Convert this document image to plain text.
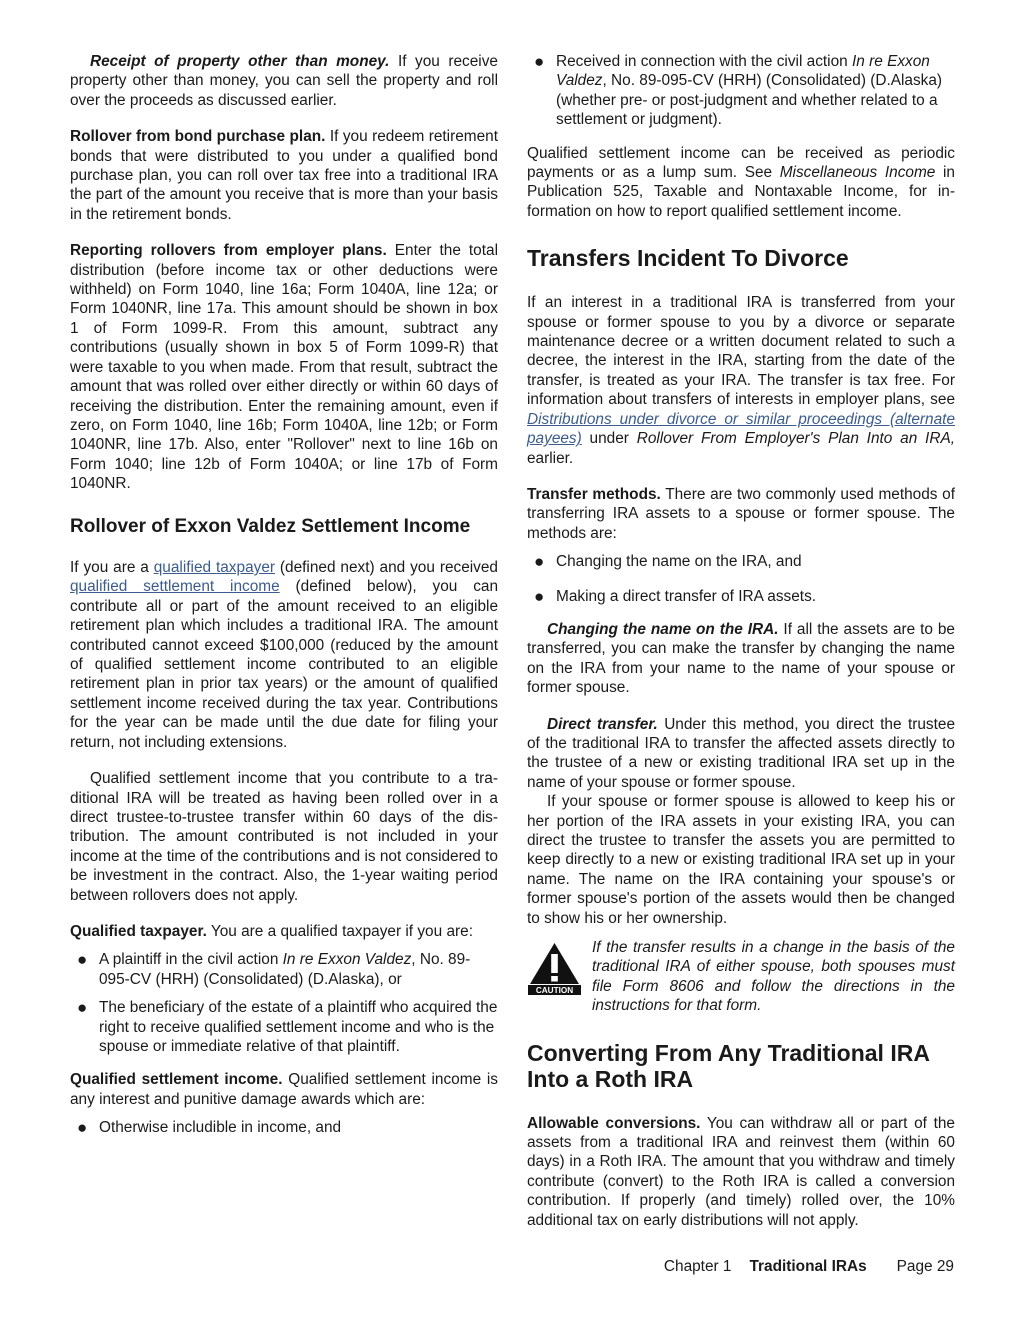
Receipt of property other than money. If you receive property other than money, you can sell the property and roll over the proceeds as discussed earlier.

Rollover from bond purchase plan. If you redeem retirement bonds that were distributed to you under a qualified bond purchase plan, you can roll over tax free into a traditional IRA the part of the amount you receive that is more than your basis in the retirement bonds.

Reporting rollovers from employer plans. Enter the total distribution (before income tax or other deductions were withheld) on Form 1040, line 16a; Form 1040A, line 12a; or Form 1040NR, line 17a. This amount should be shown in box 1 of Form 1099-R. From this amount, subtract any contributions (usually shown in box 5 of Form 1099-R) that were taxable to you when made. From that result, subtract the amount that was rolled over either directly or within 60 days of receiving the distribution. Enter the remaining amount, even if zero, on Form 1040, line 16b; Form 1040A, line 12b; or Form 1040NR, line 17b. Also, enter "Rollover" next to line 16b on Form 1040; line 12b of Form 1040A; or line 17b of Form 1040NR.

Rollover of Exxon Valdez Settlement Income

If you are a qualified taxpayer (defined next) and you received qualified settlement income (defined below), you can contribute all or part of the amount received to an eligible retirement plan which includes a traditional IRA. The amount contributed cannot exceed $100,000 (reduced by the amount of qualified settlement income contributed to an eligible retirement plan in prior tax years) or the amount of qualified settlement income received during the tax year. Contributions for the year can be made until the due date for filing your return, not including extensions.

Qualified settlement income that you contribute to a traditional IRA will be treated as having been rolled over in a direct trustee-to-trustee transfer within 60 days of the distribution. The amount contributed is not included in your income at the time of the contributions and is not considered to be investment in the contract. Also, the 1-year waiting period between rollovers does not apply.

Qualified taxpayer. You are a qualified taxpayer if you are:

● A plaintiff in the civil action In re Exxon Valdez, No. 89-095-CV (HRH) (Consolidated) (D.Alaska), or
● The beneficiary of the estate of a plaintiff who acquired the right to receive qualified settlement income and who is the spouse or immediate relative of that plaintiff.

Qualified settlement income. Qualified settlement income is any interest and punitive damage awards which are:

● Otherwise includible in income, and
● Received in connection with the civil action In re Exxon Valdez, No. 89-095-CV (HRH) (Consolidated) (D.Alaska) (whether pre- or post-judgment and whether related to a settlement or judgment).

Qualified settlement income can be received as periodic payments or as a lump sum. See Miscellaneous Income in Publication 525, Taxable and Nontaxable Income, for information on how to report qualified settlement income.

Transfers Incident To Divorce

If an interest in a traditional IRA is transferred from your spouse or former spouse to you by a divorce or separate maintenance decree or a written document related to such a decree, the interest in the IRA, starting from the date of the transfer, is treated as your IRA. The transfer is tax free. For information about transfers of interests in employer plans, see Distributions under divorce or similar proceedings (alternate payees) under Rollover From Employer's Plan Into an IRA, earlier.

Transfer methods. There are two commonly used methods of transferring IRA assets to a spouse or former spouse. The methods are:

● Changing the name on the IRA, and
● Making a direct transfer of IRA assets.

Changing the name on the IRA. If all the assets are to be transferred, you can make the transfer by changing the name on the IRA from your name to the name of your spouse or former spouse.

Direct transfer. Under this method, you direct the trustee of the traditional IRA to transfer the affected assets directly to the trustee of a new or existing traditional IRA set up in the name of your spouse or former spouse.

If your spouse or former spouse is allowed to keep his or her portion of the IRA assets in your existing IRA, you can direct the trustee to transfer the assets you are permitted to keep directly to a new or existing traditional IRA set up in your name. The name on the IRA containing your spouse's or former spouse's portion of the assets would then be changed to show his or her ownership.

CAUTION
If the transfer results in a change in the basis of the traditional IRA of either spouse, both spouses must file Form 8606 and follow the directions in the instructions for that form.
Converting From Any Traditional IRA Into a Roth IRA

Allowable conversions. You can withdraw all or part of the assets from a traditional IRA and reinvest them (within 60 days) in a Roth IRA. The amount that you withdraw and timely contribute (convert) to the Roth IRA is called a conversion contribution. If properly (and timely) rolled over, the 10% additional tax on early distributions will not apply.

Chapter 1 Traditional IRAs Page 29
